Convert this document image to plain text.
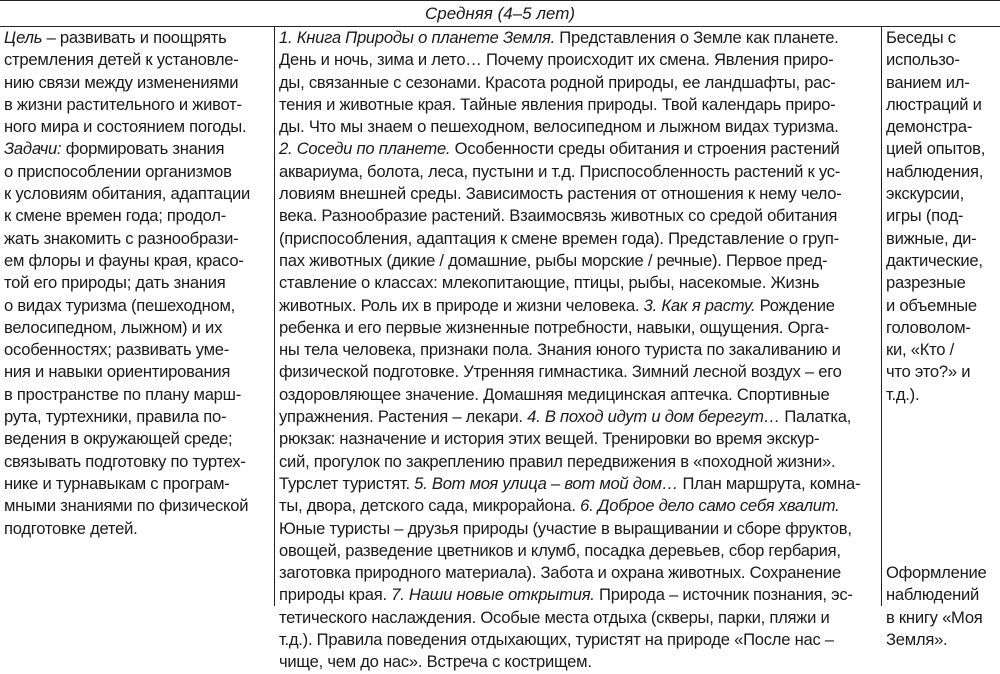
Средняя (4–5 лет)
Цель – развивать и поощрять
стремления детей к установле-
нию связи между изменениями
в жизни растительного и живот-
ного мира и состоянием погоды.
Задачи: формировать знания
о приспособлении организмов
к условиям обитания, адаптации
к смене времен года; продол-
жать знакомить с разнообрази-
ем флоры и фауны края, красо-
той его природы; дать знания
о видах туризма (пешеходном,
велосипедном, лыжном) и их
особенностях; развивать уме-
ния и навыки ориентирования
в пространстве по плану марш-
рута, туртехники, правила по-
ведения в окружающей среде;
связывать подготовку по туртех-
нике и турнавыкам с програм-
мными знаниями по физической
подготовке детей.
1. Книга Природы о планете Земля. Представления о Земле как планете.
День и ночь, зима и лето… Почему происходит их смена. Явления приро-
ды, связанные с сезонами. Красота родной природы, ее ландшафты, рас-
тения и животные края. Тайные явления природы. Твой календарь приро-
ды. Что мы знаем о пешеходном, велосипедном и лыжном видах туризма.
2. Соседи по планете. Особенности среды обитания и строения растений
аквариума, болота, леса, пустыни и т.д. Приспособленность растений к ус-
ловиям внешней среды. Зависимость растения от отношения к нему чело-
века. Разнообразие растений. Взаимосвязь животных со средой обитания
(приспособления, адаптация к смене времен года). Представление о груп-
пах животных (дикие / домашние, рыбы морские / речные). Первое пред-
ставление о классах: млекопитающие, птицы, рыбы, насекомые. Жизнь
животных. Роль их в природе и жизни человека. 3. Как я расту. Рождение
ребенка и его первые жизненные потребности, навыки, ощущения. Орга-
ны тела человека, признаки пола. Знания юного туриста по закаливанию и
физической подготовке. Утренняя гимнастика. Зимний лесной воздух – его
оздоровляющее значение. Домашняя медицинская аптечка. Спортивные
упражнения. Растения – лекари. 4. В поход идут и дом берегут… Палатка,
рюкзак: назначение и история этих вещей. Тренировки во время экскур-
сий, прогулок по закреплению правил передвижения в «походной жизни».
Турслет туристят. 5. Вот моя улица – вот мой дом… План маршрута, комна-
ты, двора, детского сада, микрорайона. 6. Доброе дело само себя хвалит.
Юные туристы – друзья природы (участие в выращивании и сборе фруктов,
овощей, разведение цветников и клумб, посадка деревьев, сбор гербария,
заготовка природного материала). Забота и охрана животных. Сохранение
природы края. 7. Наши новые открытия. Природа – источник познания, эс-
тетического наслаждения. Особые места отдыха (скверы, парки, пляжи и
т.д.). Правила поведения отдыхающих, туристят на природе «После нас –
чище, чем до нас». Встреча с кострищем.
Беседы с
использо-
ванием ил-
люстраций и
демонстра-
цией опытов,
наблюдения,
экскурсии,
игры (под-
вижные, ди-
дактические,
разрезные
и объемные
головолом-
ки, «Кто /
что это?» и
т.д.).
Оформление
наблюдений
в книгу «Моя
Земля».
